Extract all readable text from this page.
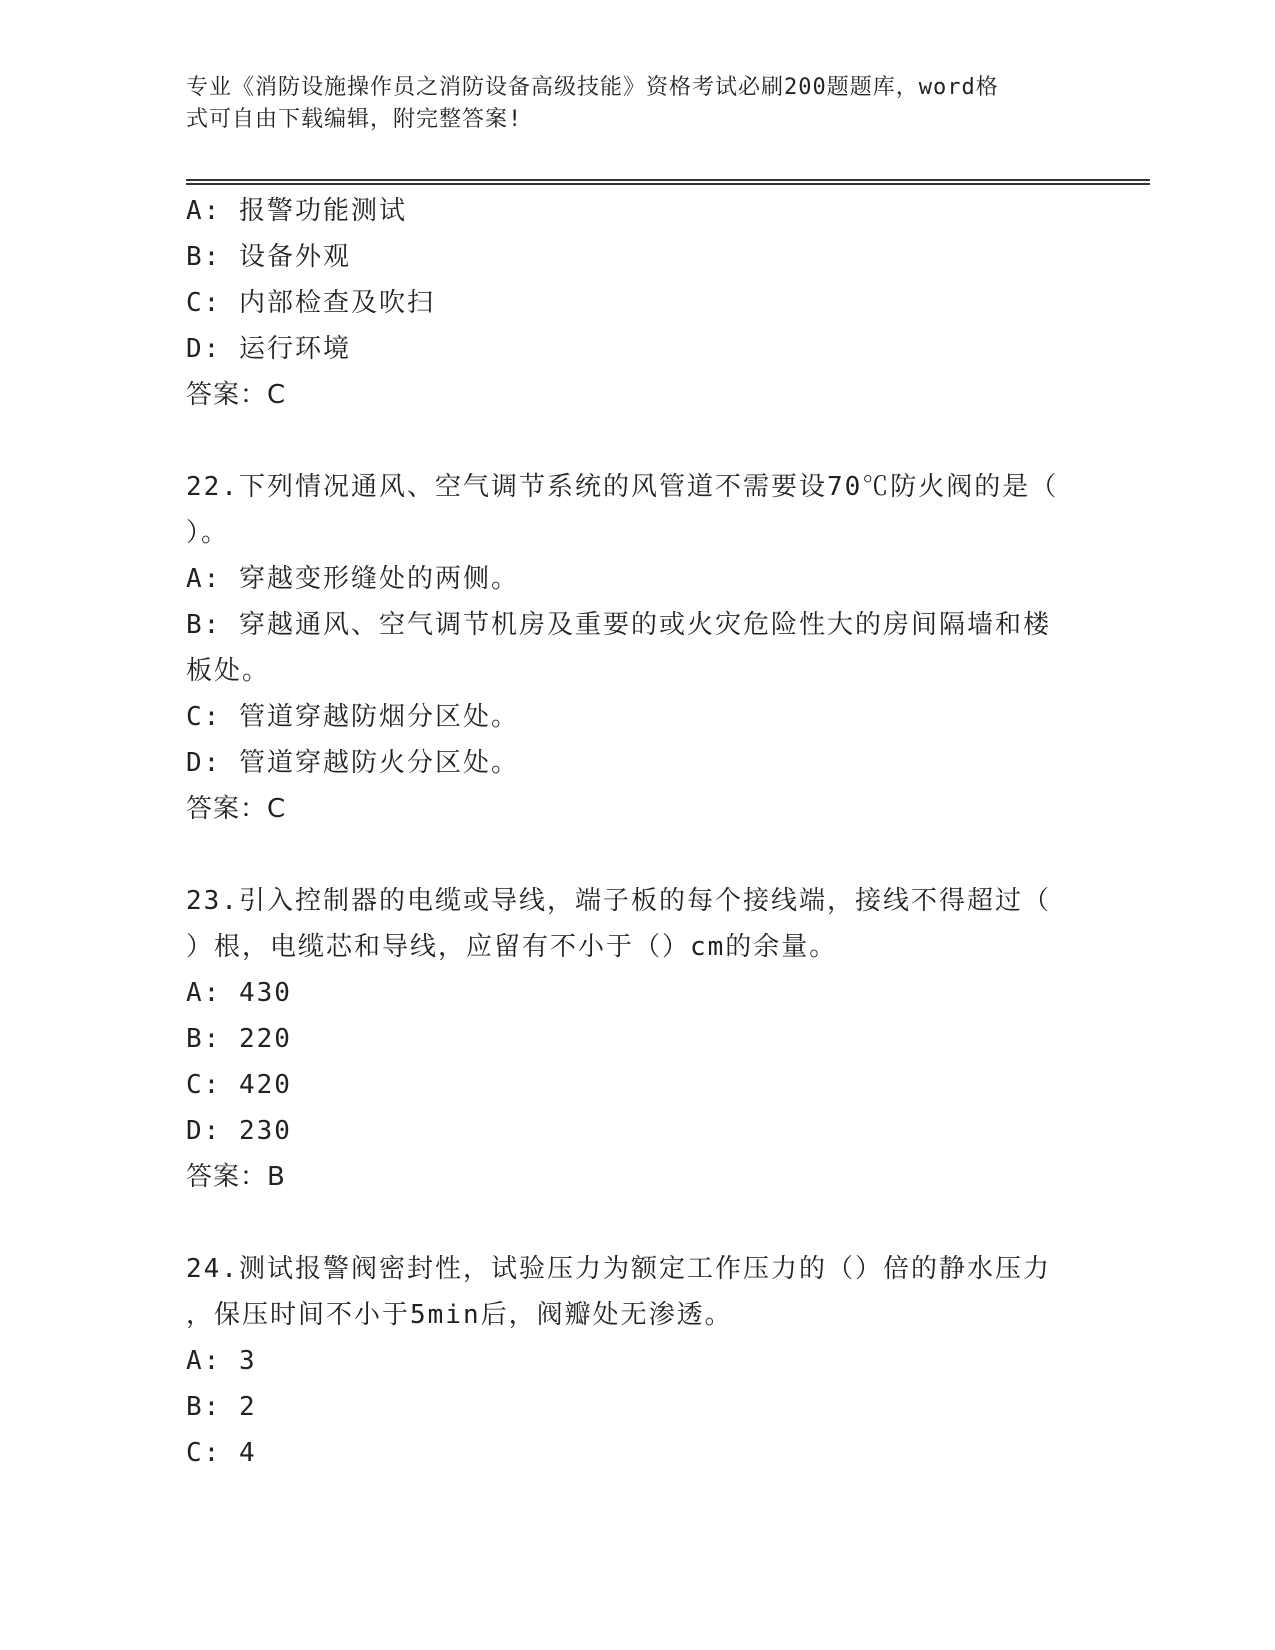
专业《消防设施操作员之消防设备高级技能》资格考试必刷200题题库，word格
式可自由下载编辑，附完整答案!
A: 报警功能测试
B: 设备外观
C: 内部检查及吹扫
D: 运行环境
答案：C
22.下列情况通风、空气调节系统的风管道不需要设70℃防火阀的是（
）。
A: 穿越变形缝处的两侧。
B: 穿越通风、空气调节机房及重要的或火灾危险性大的房间隔墙和楼
板处。
C: 管道穿越防烟分区处。
D: 管道穿越防火分区处。
答案：C
23.引入控制器的电缆或导线，端子板的每个接线端，接线不得超过（
）根，电缆芯和导线，应留有不小于（）cm的余量。
A: 430
B: 220
C: 420
D: 230
答案：B
24.测试报警阀密封性，试验压力为额定工作压力的（）倍的静水压力
，保压时间不小于5min后，阀瓣处无渗透。
A: 3
B: 2
C: 4
